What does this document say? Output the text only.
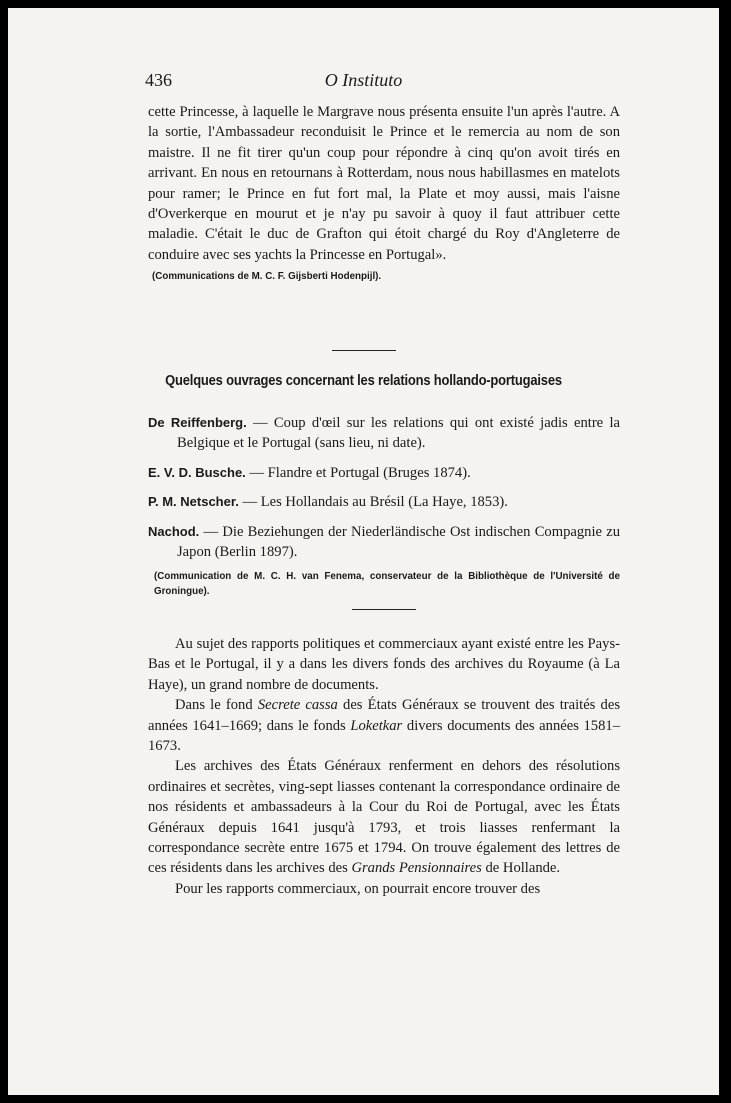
436	O Instituto

cette Princesse, à laquelle le Margrave nous présenta ensuite l'un après l'autre. A la sortie, l'Ambassadeur reconduisit le Prince et le remercia au nom de son maistre. Il ne fit tirer qu'un coup pour répondre à cinq qu'on avoit tirés en arrivant. En nous en retournans à Rotterdam, nous nous habillasmes en matelots pour ramer; le Prince en fut fort mal, la Plate et moy aussi, mais l'aisne d'Overkerque en mourut et je n'ay pu savoir à quoy il faut attribuer cette maladie. C'était le duc de Grafton qui étoit chargé du Roy d'Angleterre de conduire avec ses yachts la Princesse en Portugal».

(Communications de M. C. F. Gijsberti Hodenpijl).

Quelques ouvrages concernant les relations hollando-portugaises

De Reiffenberg. — Coup d'œil sur les relations qui ont existé jadis entre la Belgique et le Portugal (sans lieu, ni date).

E. V. D. Busche. — Flandre et Portugal (Bruges 1874).

P. M. Netscher. — Les Hollandais au Brésil (La Haye, 1853).

Nachod. — Die Beziehungen der Niederländische Ost indischen Compagnie zu Japon (Berlin 1897).

(Communication de M. C. H. van Fenema, conservateur de la Bibliothèque de l'Université de Groningue).

Au sujet des rapports politiques et commerciaux ayant existé entre les Pays-Bas et le Portugal, il y a dans les divers fonds des archives du Royaume (à La Haye), un grand nombre de documents.

Dans le fond Secrete cassa des États Généraux se trouvent des traités des années 1641–1669; dans le fonds Loketkar divers documents des années 1581–1673.

Les archives des États Généraux renferment en dehors des résolutions ordinaires et secrètes, ving-sept liasses contenant la correspondance ordinaire de nos résidents et ambassadeurs à la Cour du Roi de Portugal, avec les États Généraux depuis 1641 jusqu'à 1793, et trois liasses renfermant la correspondance secrète entre 1675 et 1794. On trouve également des lettres de ces résidents dans les archives des Grands Pensionnaires de Hollande.

Pour les rapports commerciaux, on pourrait encore trouver des
